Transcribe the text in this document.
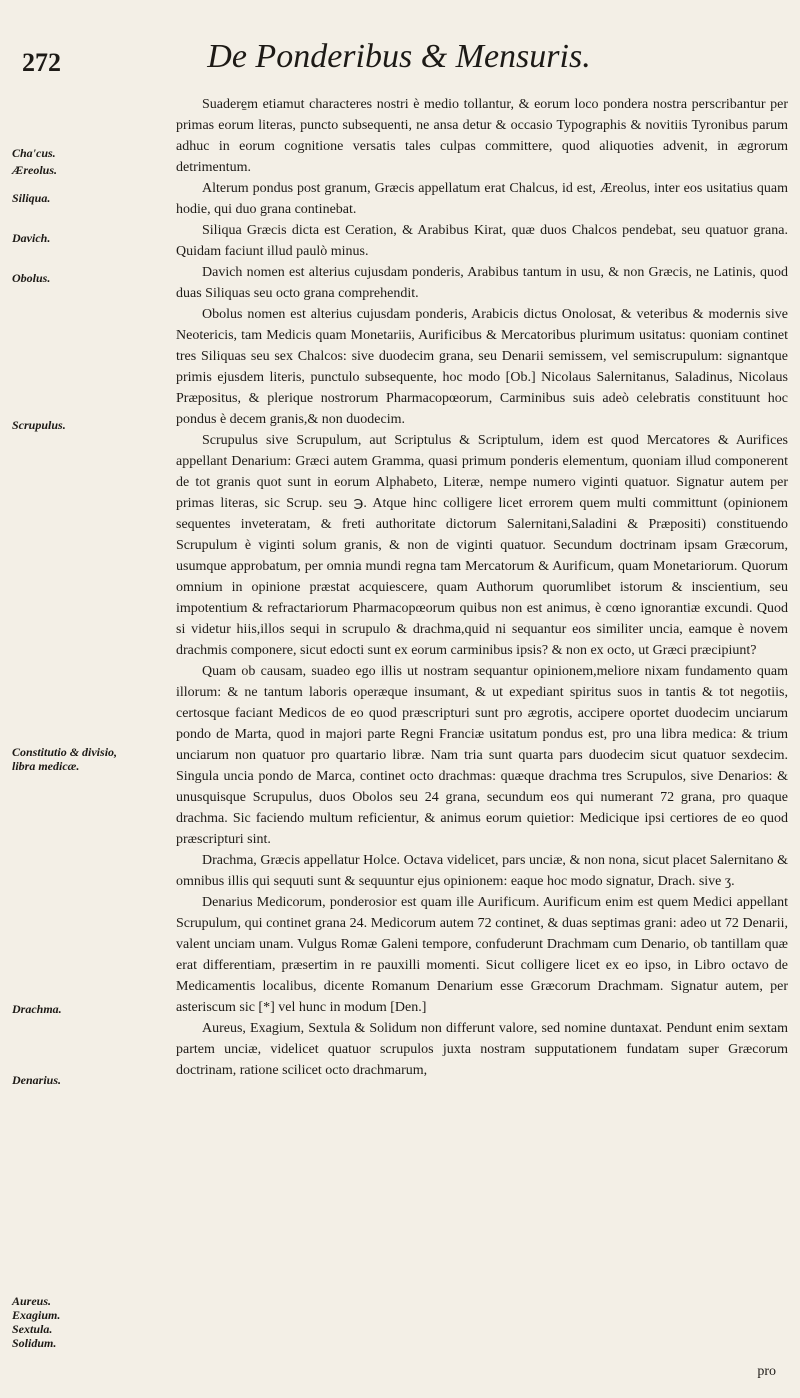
272	De Ponderibus & Mensuris.
Cha'cus.
Æreolus.
Siliqua.
Davich.
Obolus.
Scrupulus.
Constitutio & divisio, libra medicæ.
Drachma.
Denarius.
Aureus. Exagium. Sextula. Solidum.

Suadere̱m etiamut characteres nostri è medio tollantur, & eorum loco pondera nostra perscribantur per primas eorum literas, puncto subsequenti, ne ansa detur & occasio Typographis & novitiis Tyronibus parum adhuc in eorum cognitione versatis tales culpas committere, quod aliquoties advenit, in ægrorum detrimentum.

Alterum pondus post granum, Græcis appellatum erat Chalcus, id est, Æreolus, inter eos usitatius quam hodie, qui duo grana continebat.

Siliqua Græcis dicta est Ceration, & Arabibus Kirat, quæ duos Chalcos pendebat, seu quatuor grana. Quidam faciunt illud paulò minus.

Davich nomen est alterius cujusdam ponderis, Arabibus tantum in usu, & non Græcis, ne Latinis, quod duas Siliquas seu octo grana comprehendit.

Obolus nomen est alterius cujusdam ponderis, Arabicis dictus Onolosat, & veteribus & modernis sive Neotericis, tam Medicis quam Monetariis, Aurificibus & Mercatoribus plurimum usitatus: quoniam continet tres Siliquas seu sex Chalcos: sive duodecim grana, seu Denarii semissem, vel semiscrupulum: signantque primis ejusdem literis, punctulo subsequente, hoc modo [Ob.] Nicolaus Salernitanus, Saladinus, Nicolaus Præpositus, & plerique nostrorum Pharmacopœorum, Carminibus suis adeò celebratis constituunt hoc pondus è decem granis,& non duodecim.

Scrupulus sive Scrupulum, aut Scriptulus & Scriptulum, idem est quod Mercatores & Aurifices appellant Denarium: Græci autem Gramma, quasi primum ponderis elementum, quoniam illud componerent de tot granis quot sunt in eorum Alphabeto, Literæ, nempe numero viginti quatuor. Signatur autem per primas literas, sic Scrup. seu ℈. Atque hinc colligere licet errorem quem multi committunt (opinionem sequentes inveteratam, & freti authoritate dictorum Salernitani,Saladini & Præpositi) constituendo Scrupulum è viginti solum granis, & non de viginti quatuor. Secundum doctrinam ipsam Græcorum, usumque approbatum, per omnia mundi regna tam Mercatorum & Aurificum, quam Monetariorum. Quorum omnium in opinione præstat acquiescere, quam Authorum quorumlibet istorum & inscientium, seu impotentium & refractariorum Pharmacopœorum quibus non est animus, è cœno ignorantiæ excundi. Quod si videtur hiis,illos sequi in scrupulo & drachma,quid ni sequantur eos similiter uncia, eamque è novem drachmis componere, sicut edocti sunt ex eorum carminibus ipsis? & non ex octo, ut Græci præcipiunt?

Quam ob causam, suadeo ego illis ut nostram sequantur opinionem,meliore nixam fundamento quam illorum: & ne tantum laboris operæque insumant, & ut expediant spiritus suos in tantis & tot negotiis, certosque faciant Medicos de eo quod præscripturi sunt pro ægrotis, accipere oportet duodecim unciarum pondo de Marta, quod in majori parte Regni Franciæ usitatum pondus est, pro una libra medica: & trium unciarum non quatuor pro quartario libræ. Nam tria sunt quarta pars duodecim sicut quatuor sexdecim. Singula uncia pondo de Marca, continet octo drachmas: quæque drachma tres Scrupulos, sive Denarios: & unusquisque Scrupulus, duos Obolos seu 24 grana, secundum eos qui numerant 72 grana, pro quaque drachma. Sic faciendo multum reficientur, & animus eorum quietior: Medicique ipsi certiores de eo quod præscripturi sint.

Drachma, Græcis appellatur Holce. Octava videlicet, pars unciæ, & non nona, sicut placet Salernitano & omnibus illis qui sequuti sunt & sequuntur ejus opinionem: eaque hoc modo signatur, Drach. sive ʒ.

Denarius Medicorum, ponderosior est quam ille Aurificum. Aurificum enim est quem Medici appellant Scrupulum, qui continet grana 24. Medicorum autem 72 continet, & duas septimas grani: adeo ut 72 Denarii, valent unciam unam. Vulgus Romæ Galeni tempore, confuderunt Drachmam cum Denario, ob tantillam quæ erat differentiam, præsertim in re pauxilli momenti. Sicut colligere licet ex eo ipso, in Libro octavo de Medicamentis localibus, dicente Romanum Denarium esse Græcorum Drachmam. Signatur autem, per asteriscum sic [*] vel hunc in modum [Den.]

Aureus, Exagium, Sextula & Solidum non differunt valore, sed nomine duntaxat. Pendunt enim sextam partem unciæ, videlicet quatuor scrupulos juxta nostram supputationem fundatam super Græcorum doctrinam, ratione scilicet octo drachmarum,

pro
